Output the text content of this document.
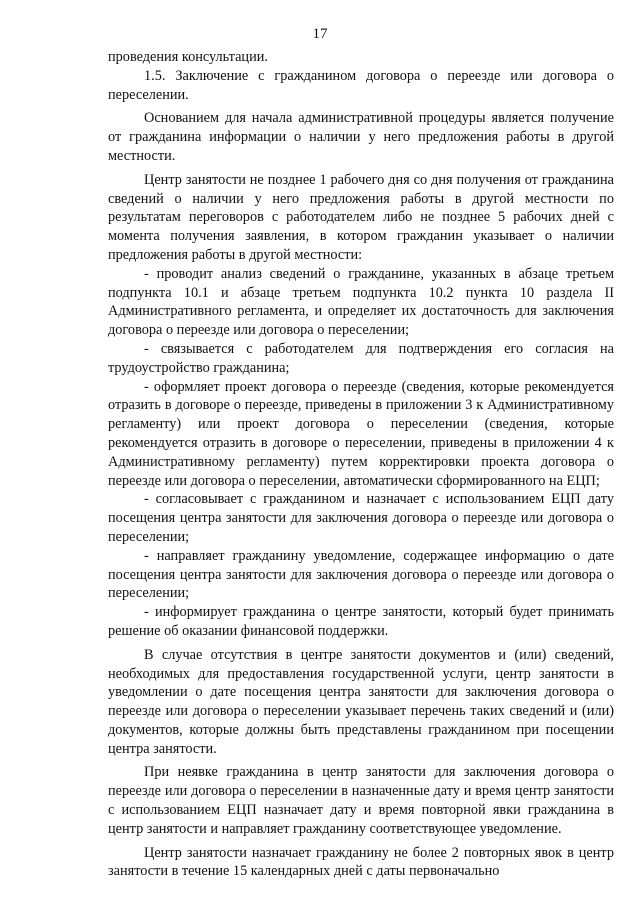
17

проведения консультации.

1.5. Заключение с гражданином договора о переезде или договора о переселении.

Основанием для начала административной процедуры является получение от гражданина информации о наличии у него предложения работы в другой местности.

Центр занятости не позднее 1 рабочего дня со дня получения от гражданина сведений о наличии у него предложения работы в другой местности по результатам переговоров с работодателем либо не позднее 5 рабочих дней с момента получения заявления, в котором гражданин указывает о наличии предложения работы в другой местности:

- проводит анализ сведений о гражданине, указанных в абзаце третьем подпункта 10.1 и абзаце третьем подпункта 10.2 пункта 10 раздела II Административного регламента, и определяет их достаточность для заключения договора о переезде или договора о переселении;

- связывается с работодателем для подтверждения его согласия на трудоустройство гражданина;

- оформляет проект договора о переезде (сведения, которые рекомендуется отразить в договоре о переезде, приведены в приложении 3 к Административному регламенту) или проект договора о переселении (сведения, которые рекомендуется отразить в договоре о переселении, приведены в приложении 4 к Административному регламенту) путем корректировки проекта договора о переезде или договора о переселении, автоматически сформированного на ЕЦП;

- согласовывает с гражданином и назначает с использованием ЕЦП дату посещения центра занятости для заключения договора о переезде или договора о переселении;

- направляет гражданину уведомление, содержащее информацию о дате посещения центра занятости для заключения договора о переезде или договора о переселении;

- информирует гражданина о центре занятости, который будет принимать решение об оказании финансовой поддержки.

В случае отсутствия в центре занятости документов и (или) сведений, необходимых для предоставления государственной услуги, центр занятости в уведомлении о дате посещения центра занятости для заключения договора о переезде или договора о переселении указывает перечень таких сведений и (или) документов, которые должны быть представлены гражданином при посещении центра занятости.

При неявке гражданина в центр занятости для заключения договора о переезде или договора о переселении в назначенные дату и время центр занятости с использованием ЕЦП назначает дату и время повторной явки гражданина в центр занятости и направляет гражданину соответствующее уведомление.

Центр занятости назначает гражданину не более 2 повторных явок в центр занятости в течение 15 календарных дней с даты первоначально
